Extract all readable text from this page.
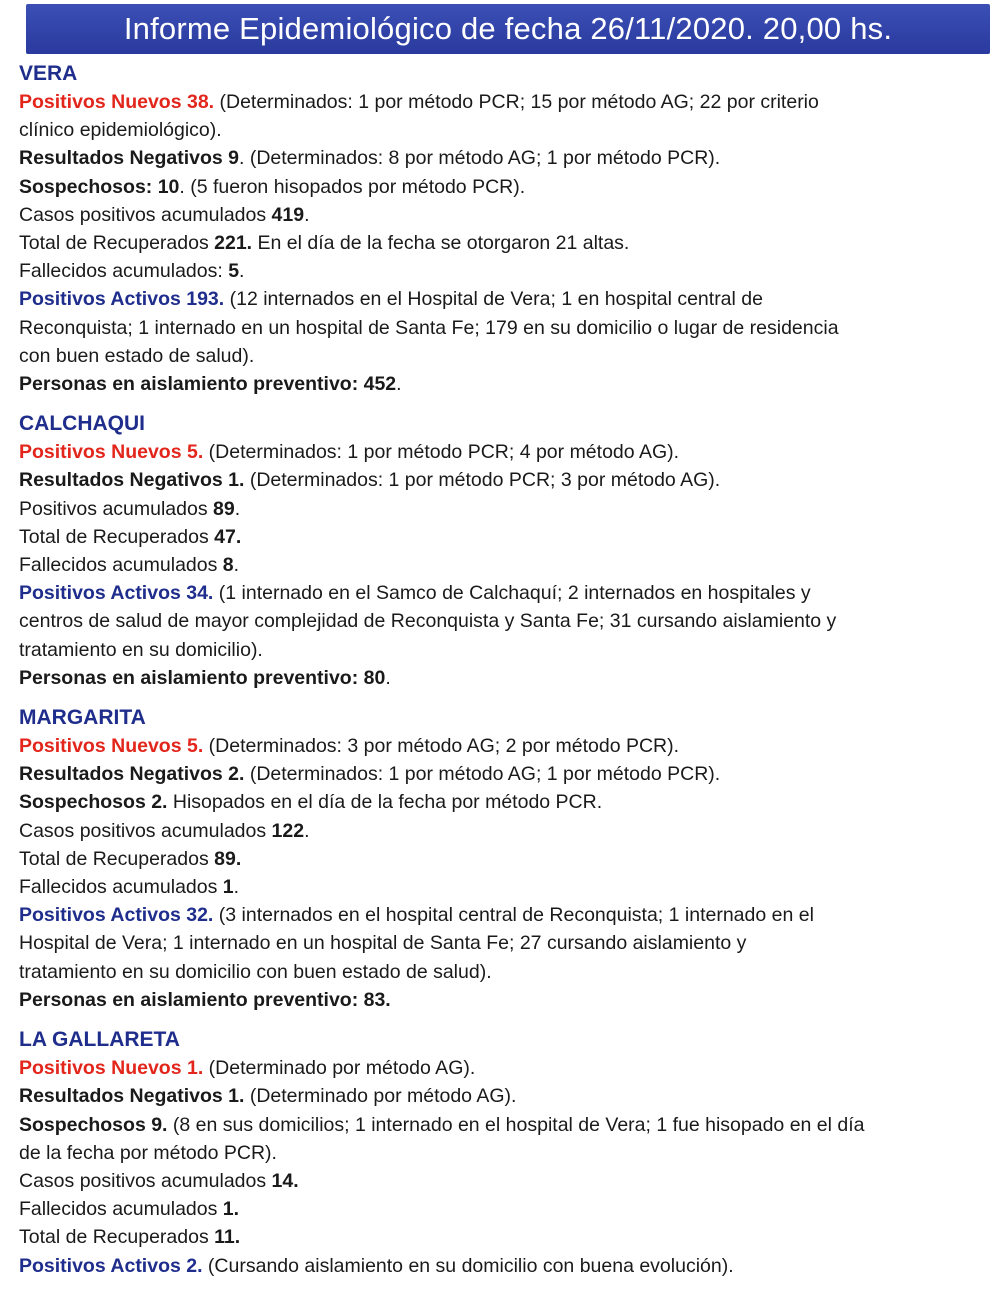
Informe Epidemiológico de fecha 26/11/2020. 20,00 hs.
VERA
Positivos Nuevos 38. (Determinados: 1 por método PCR; 15 por método AG; 22 por criterio
clínico epidemiológico).
Resultados Negativos 9. (Determinados: 8 por método AG; 1 por método PCR).
Sospechosos: 10. (5 fueron hisopados por método PCR).
Casos positivos acumulados 419.
Total de Recuperados 221. En el día de la fecha se otorgaron 21 altas.
Fallecidos acumulados: 5.
Positivos Activos 193. (12 internados en el Hospital de Vera; 1 en hospital central de
Reconquista; 1 internado en un hospital de Santa Fe; 179 en su domicilio o lugar de residencia
con buen estado de salud).
Personas en aislamiento preventivo: 452.
CALCHAQUI
Positivos Nuevos 5. (Determinados: 1 por método PCR; 4 por método AG).
Resultados Negativos 1. (Determinados: 1 por método PCR; 3 por método AG).
Positivos acumulados 89.
Total de Recuperados 47.
Fallecidos acumulados 8.
Positivos Activos 34. (1 internado en el Samco de Calchaquí; 2 internados en hospitales y
centros de salud de mayor complejidad de Reconquista y Santa Fe; 31 cursando aislamiento y
tratamiento en su domicilio).
Personas en aislamiento preventivo: 80.
MARGARITA
Positivos Nuevos 5. (Determinados: 3 por método AG; 2 por método PCR).
Resultados Negativos 2. (Determinados: 1 por método AG; 1 por método PCR).
Sospechosos 2. Hisopados en el día de la fecha por método PCR.
Casos positivos acumulados 122.
Total de Recuperados 89.
Fallecidos acumulados 1.
Positivos Activos 32. (3 internados en el hospital central de Reconquista; 1 internado en el
Hospital de Vera; 1 internado en un hospital de Santa Fe; 27 cursando aislamiento y
tratamiento en su domicilio con buen estado de salud).
Personas en aislamiento preventivo: 83.
LA GALLARETA
Positivos Nuevos 1. (Determinado por método AG).
Resultados Negativos 1. (Determinado por método AG).
Sospechosos 9. (8 en sus domicilios; 1 internado en el hospital de Vera; 1 fue hisopado en el día
de la fecha por método PCR).
Casos positivos acumulados 14.
Fallecidos acumulados 1.
Total de Recuperados 11.
Positivos Activos 2. (Cursando aislamiento en su domicilio con buena evolución).
